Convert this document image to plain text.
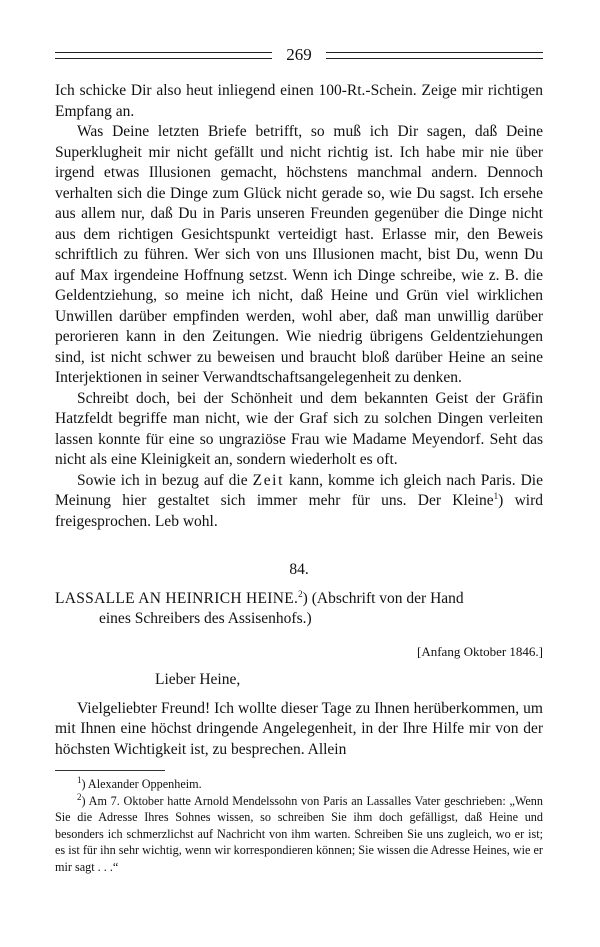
269

Ich schicke Dir also heut inliegend einen 100-Rt.-Schein. Zeige mir richtigen Empfang an.

Was Deine letzten Briefe betrifft, so muß ich Dir sagen, daß Deine Superklugheit mir nicht gefällt und nicht richtig ist. Ich habe mir nie über irgend etwas Illusionen gemacht, höchstens manchmal andern. Dennoch verhalten sich die Dinge zum Glück nicht gerade so, wie Du sagst. Ich ersehe aus allem nur, daß Du in Paris unseren Freunden gegenüber die Dinge nicht aus dem richtigen Gesichtspunkt verteidigt hast. Erlasse mir, den Beweis schriftlich zu führen. Wer sich von uns Illusionen macht, bist Du, wenn Du auf Max irgendeine Hoffnung setzst. Wenn ich Dinge schreibe, wie z. B. die Geldentziehung, so meine ich nicht, daß Heine und Grün viel wirklichen Unwillen darüber empfinden werden, wohl aber, daß man unwillig darüber perorieren kann in den Zeitungen. Wie niedrig übrigens Geldentziehungen sind, ist nicht schwer zu beweisen und braucht bloß darüber Heine an seine Interjektionen in seiner Verwandtschaftsangelegenheit zu denken.

Schreibt doch, bei der Schönheit und dem bekannten Geist der Gräfin Hatzfeldt begriffe man nicht, wie der Graf sich zu solchen Dingen verleiten lassen konnte für eine so ungraziöse Frau wie Madame Meyendorf. Seht das nicht als eine Kleinigkeit an, sondern wiederholt es oft.

Sowie ich in bezug auf die Zeit kann, komme ich gleich nach Paris. Die Meinung hier gestaltet sich immer mehr für uns. Der Kleine$^1$) wird freigesprochen. Leb wohl.

84.
LASSALLE AN HEINRICH HEINE.$^2$) (Abschrift von der Hand
eines Schreibers des Assisenhofs.)
[Anfang Oktober 1846.]
Lieber Heine,

Vielgeliebter Freund! Ich wollte dieser Tage zu Ihnen herüberkommen, um mit Ihnen eine höchst dringende Angelegenheit, in der Ihre Hilfe mir von der höchsten Wichtigkeit ist, zu besprechen. Allein

$^1$) Alexander Oppenheim.

$^2$) Am 7. Oktober hatte Arnold Mendelssohn von Paris an Lassalles Vater geschrieben: „Wenn Sie die Adresse Ihres Sohnes wissen, so schreiben Sie ihm doch gefälligst, daß Heine und besonders ich schmerzlichst auf Nachricht von ihm warten. Schreiben Sie uns zugleich, wo er ist; es ist für ihn sehr wichtig, wenn wir korrespondieren können; Sie wissen die Adresse Heines, wie er mir sagt . . .“
